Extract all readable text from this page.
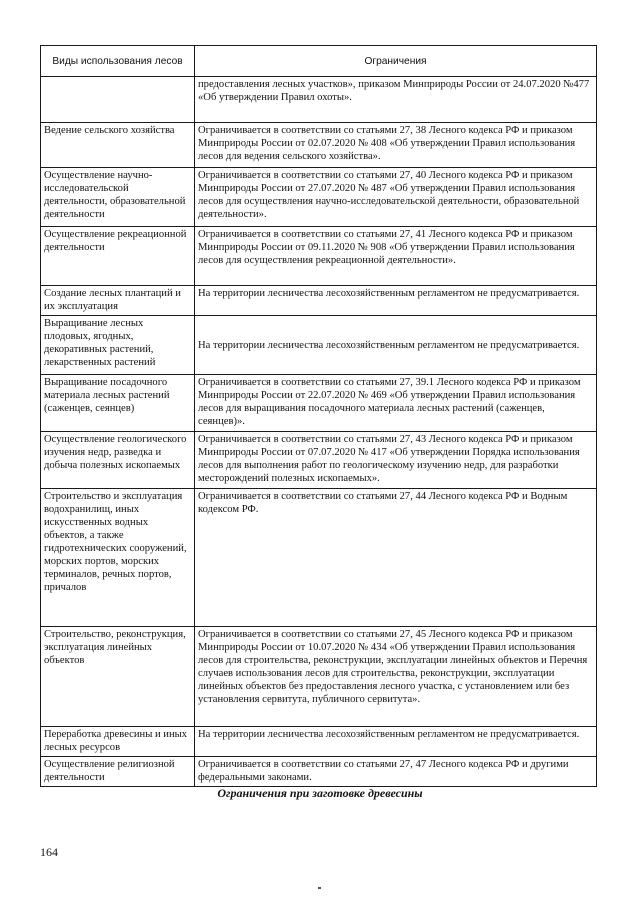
Виды использования лесов	Ограничения
	предоставления лесных участков», приказом Минприроды России от 24.07.2020 №477 «Об утверждении Правил охоты».
Ведение сельского хозяйства	Ограничивается в соответствии со статьями 27, 38 Лесного кодекса РФ и приказом Минприроды России от 02.07.2020 № 408 «Об утверждении Правил использования лесов для ведения сельского хозяйства».
Осуществление научно-исследовательской деятельности, образовательной деятельности	Ограничивается в соответствии со статьями 27, 40 Лесного кодекса РФ и приказом Минприроды России от 27.07.2020 № 487 «Об утверждении Правил использования лесов для осуществления научно-исследовательской деятельности, образовательной деятельности».
Осуществление рекреационной деятельности	Ограничивается в соответствии со статьями 27, 41 Лесного кодекса РФ и приказом Минприроды России от 09.11.2020 № 908 «Об утверждении Правил использования лесов для осуществления рекреационной деятельности».
Создание лесных плантаций и их эксплуатация	На территории лесничества лесохозяйственным регламентом не предусматривается.
Выращивание лесных плодовых, ягодных, декоративных растений, лекарственных растений	На территории лесничества лесохозяйственным регламентом не предусматривается.
Выращивание посадочного материала лесных растений (саженцев, сеянцев)	Ограничивается в соответствии со статьями 27, 39.1 Лесного кодекса РФ и приказом Минприроды России от 22.07.2020 № 469 «Об утверждении Правил использования лесов для выращивания посадочного материала лесных растений (саженцев, сеянцев)».
Осуществление геологического изучения недр, разведка и добыча полезных ископаемых	Ограничивается в соответствии со статьями 27, 43 Лесного кодекса РФ и приказом Минприроды России от 07.07.2020 № 417 «Об утверждении Порядка использования лесов для выполнения работ по геологическому изучению недр, для разработки месторождений полезных ископаемых».
Строительство и эксплуатация водохранилищ, иных искусственных водных объектов, а также гидротехнических сооружений, морских портов, морских терминалов, речных портов, причалов	Ограничивается в соответствии со статьями 27, 44 Лесного кодекса РФ и Водным кодексом РФ.
Строительство, реконструкция, эксплуатация линейных объектов	Ограничивается в соответствии со статьями 27, 45 Лесного кодекса РФ и приказом Минприроды России от 10.07.2020 № 434 «Об утверждении Правил использования лесов для строительства, реконструкции, эксплуатации линейных объектов и Перечня случаев использования лесов для строительства, реконструкции, эксплуатации линейных объектов без предоставления лесного участка, с установлением или без установления сервитута, публичного сервитута».
Переработка древесины и иных лесных ресурсов	На территории лесничества лесохозяйственным регламентом не предусматривается.
Осуществление религиозной деятельности	Ограничивается в соответствии со статьями 27, 47 Лесного кодекса РФ и другими федеральными законами.
Ограничения при заготовке древесины
164
